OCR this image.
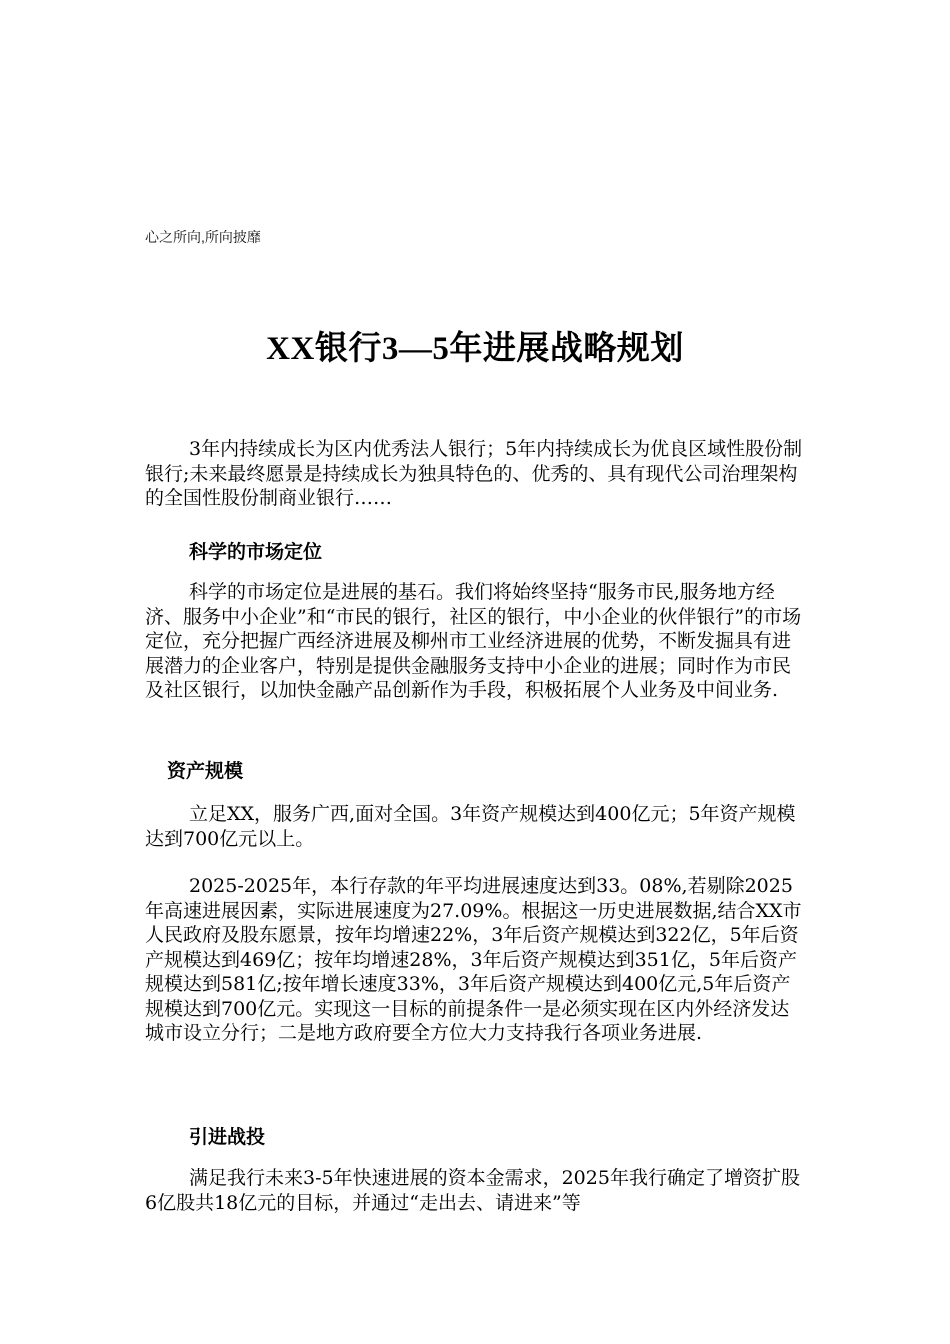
心之所向,所向披靡
XX银行3—5年进展战略规划

3年内持续成长为区内优秀法人银行；5年内持续成长为优良区域性股份制银行;未来最终愿景是持续成长为独具特色的、优秀的、具有现代公司治理架构的全国性股份制商业银行……

科学的市场定位

科学的市场定位是进展的基石。我们将始终坚持“服务市民,服务地方经济、服务中小企业”和“市民的银行，社区的银行，中小企业的伙伴银行”的市场定位，充分把握广西经济进展及柳州市工业经济进展的优势，不断发掘具有进展潜力的企业客户，特别是提供金融服务支持中小企业的进展；同时作为市民及社区银行，以加快金融产品创新作为手段，积极拓展个人业务及中间业务.

资产规模

立足XX，服务广西,面对全国。3年资产规模达到400亿元；5年资产规模达到700亿元以上。

2025-2025年，本行存款的年平均进展速度达到33。08%,若剔除2025年高速进展因素，实际进展速度为27.09%。根据这一历史进展数据,结合XX市人民政府及股东愿景，按年均增速22%，3年后资产规模达到322亿，5年后资产规模达到469亿；按年均增速28%，3年后资产规模达到351亿，5年后资产规模达到581亿;按年增长速度33%，3年后资产规模达到400亿元,5年后资产规模达到700亿元。实现这一目标的前提条件一是必须实现在区内外经济发达城市设立分行；二是地方政府要全方位大力支持我行各项业务进展.

引进战投

满足我行未来3-5年快速进展的资本金需求，2025年我行确定了增资扩股6亿股共18亿元的目标，并通过“走出去、请进来”等
